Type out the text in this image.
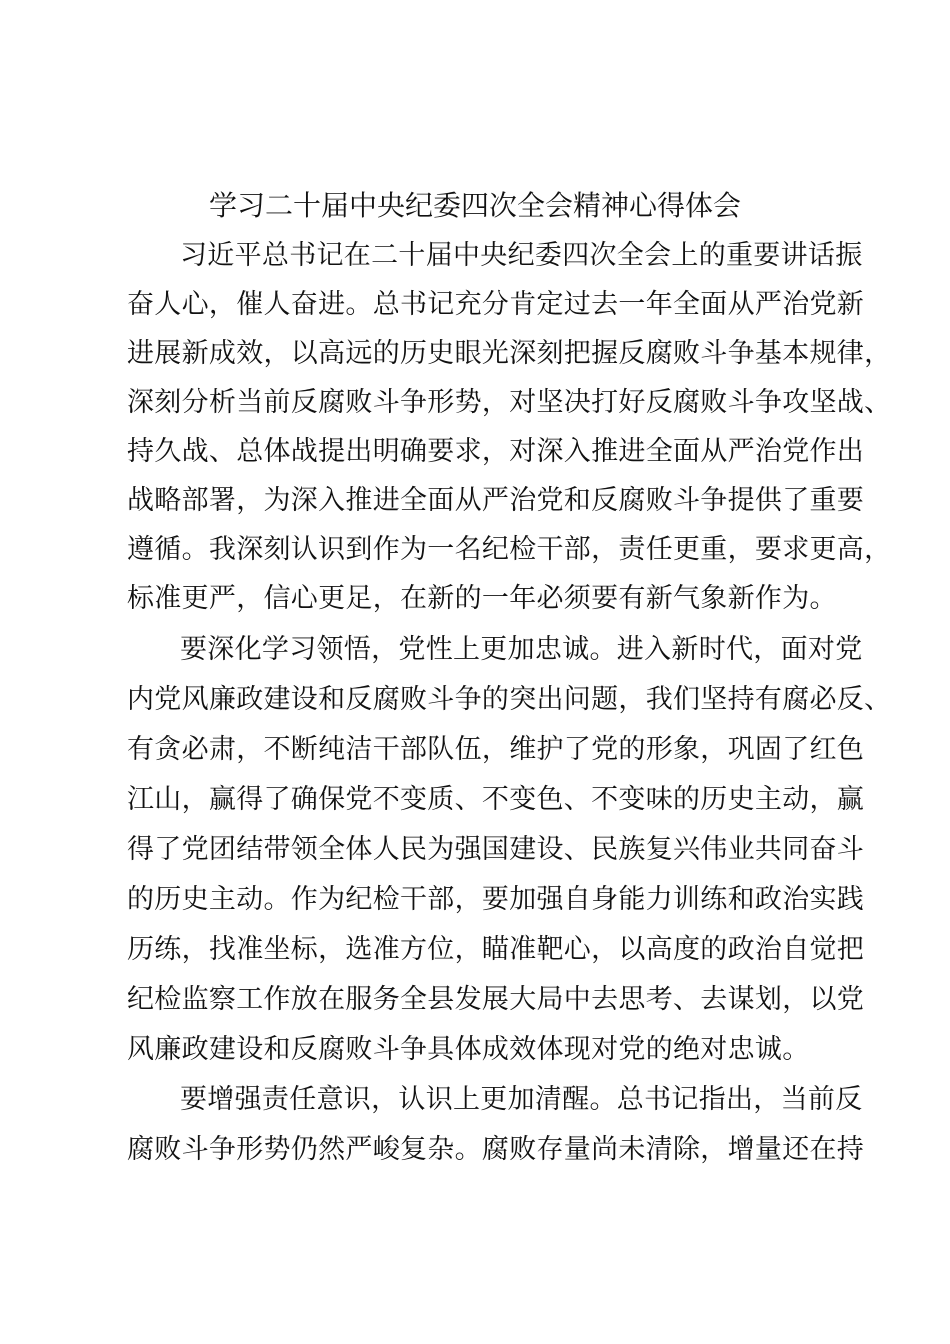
学习二十届中央纪委四次全会精神心得体会

习近平总书记在二十届中央纪委四次全会上的重要讲话振

奋人心，催人奋进。总书记充分肯定过去一年全面从严治党新

进展新成效，以高远的历史眼光深刻把握反腐败斗争基本规律，

深刻分析当前反腐败斗争形势，对坚决打好反腐败斗争攻坚战、

持久战、总体战提出明确要求，对深入推进全面从严治党作出

战略部署，为深入推进全面从严治党和反腐败斗争提供了重要

遵循。我深刻认识到作为一名纪检干部，责任更重，要求更高，

标准更严，信心更足，在新的一年必须要有新气象新作为。

要深化学习领悟，党性上更加忠诚。进入新时代，面对党

内党风廉政建设和反腐败斗争的突出问题，我们坚持有腐必反、

有贪必肃，不断纯洁干部队伍，维护了党的形象，巩固了红色

江山，赢得了确保党不变质、不变色、不变味的历史主动，赢

得了党团结带领全体人民为强国建设、民族复兴伟业共同奋斗

的历史主动。作为纪检干部，要加强自身能力训练和政治实践

历练，找准坐标，选准方位，瞄准靶心，以高度的政治自觉把

纪检监察工作放在服务全县发展大局中去思考、去谋划，以党

风廉政建设和反腐败斗争具体成效体现对党的绝对忠诚。

要增强责任意识，认识上更加清醒。总书记指出，当前反

腐败斗争形势仍然严峻复杂。腐败存量尚未清除，增量还在持
